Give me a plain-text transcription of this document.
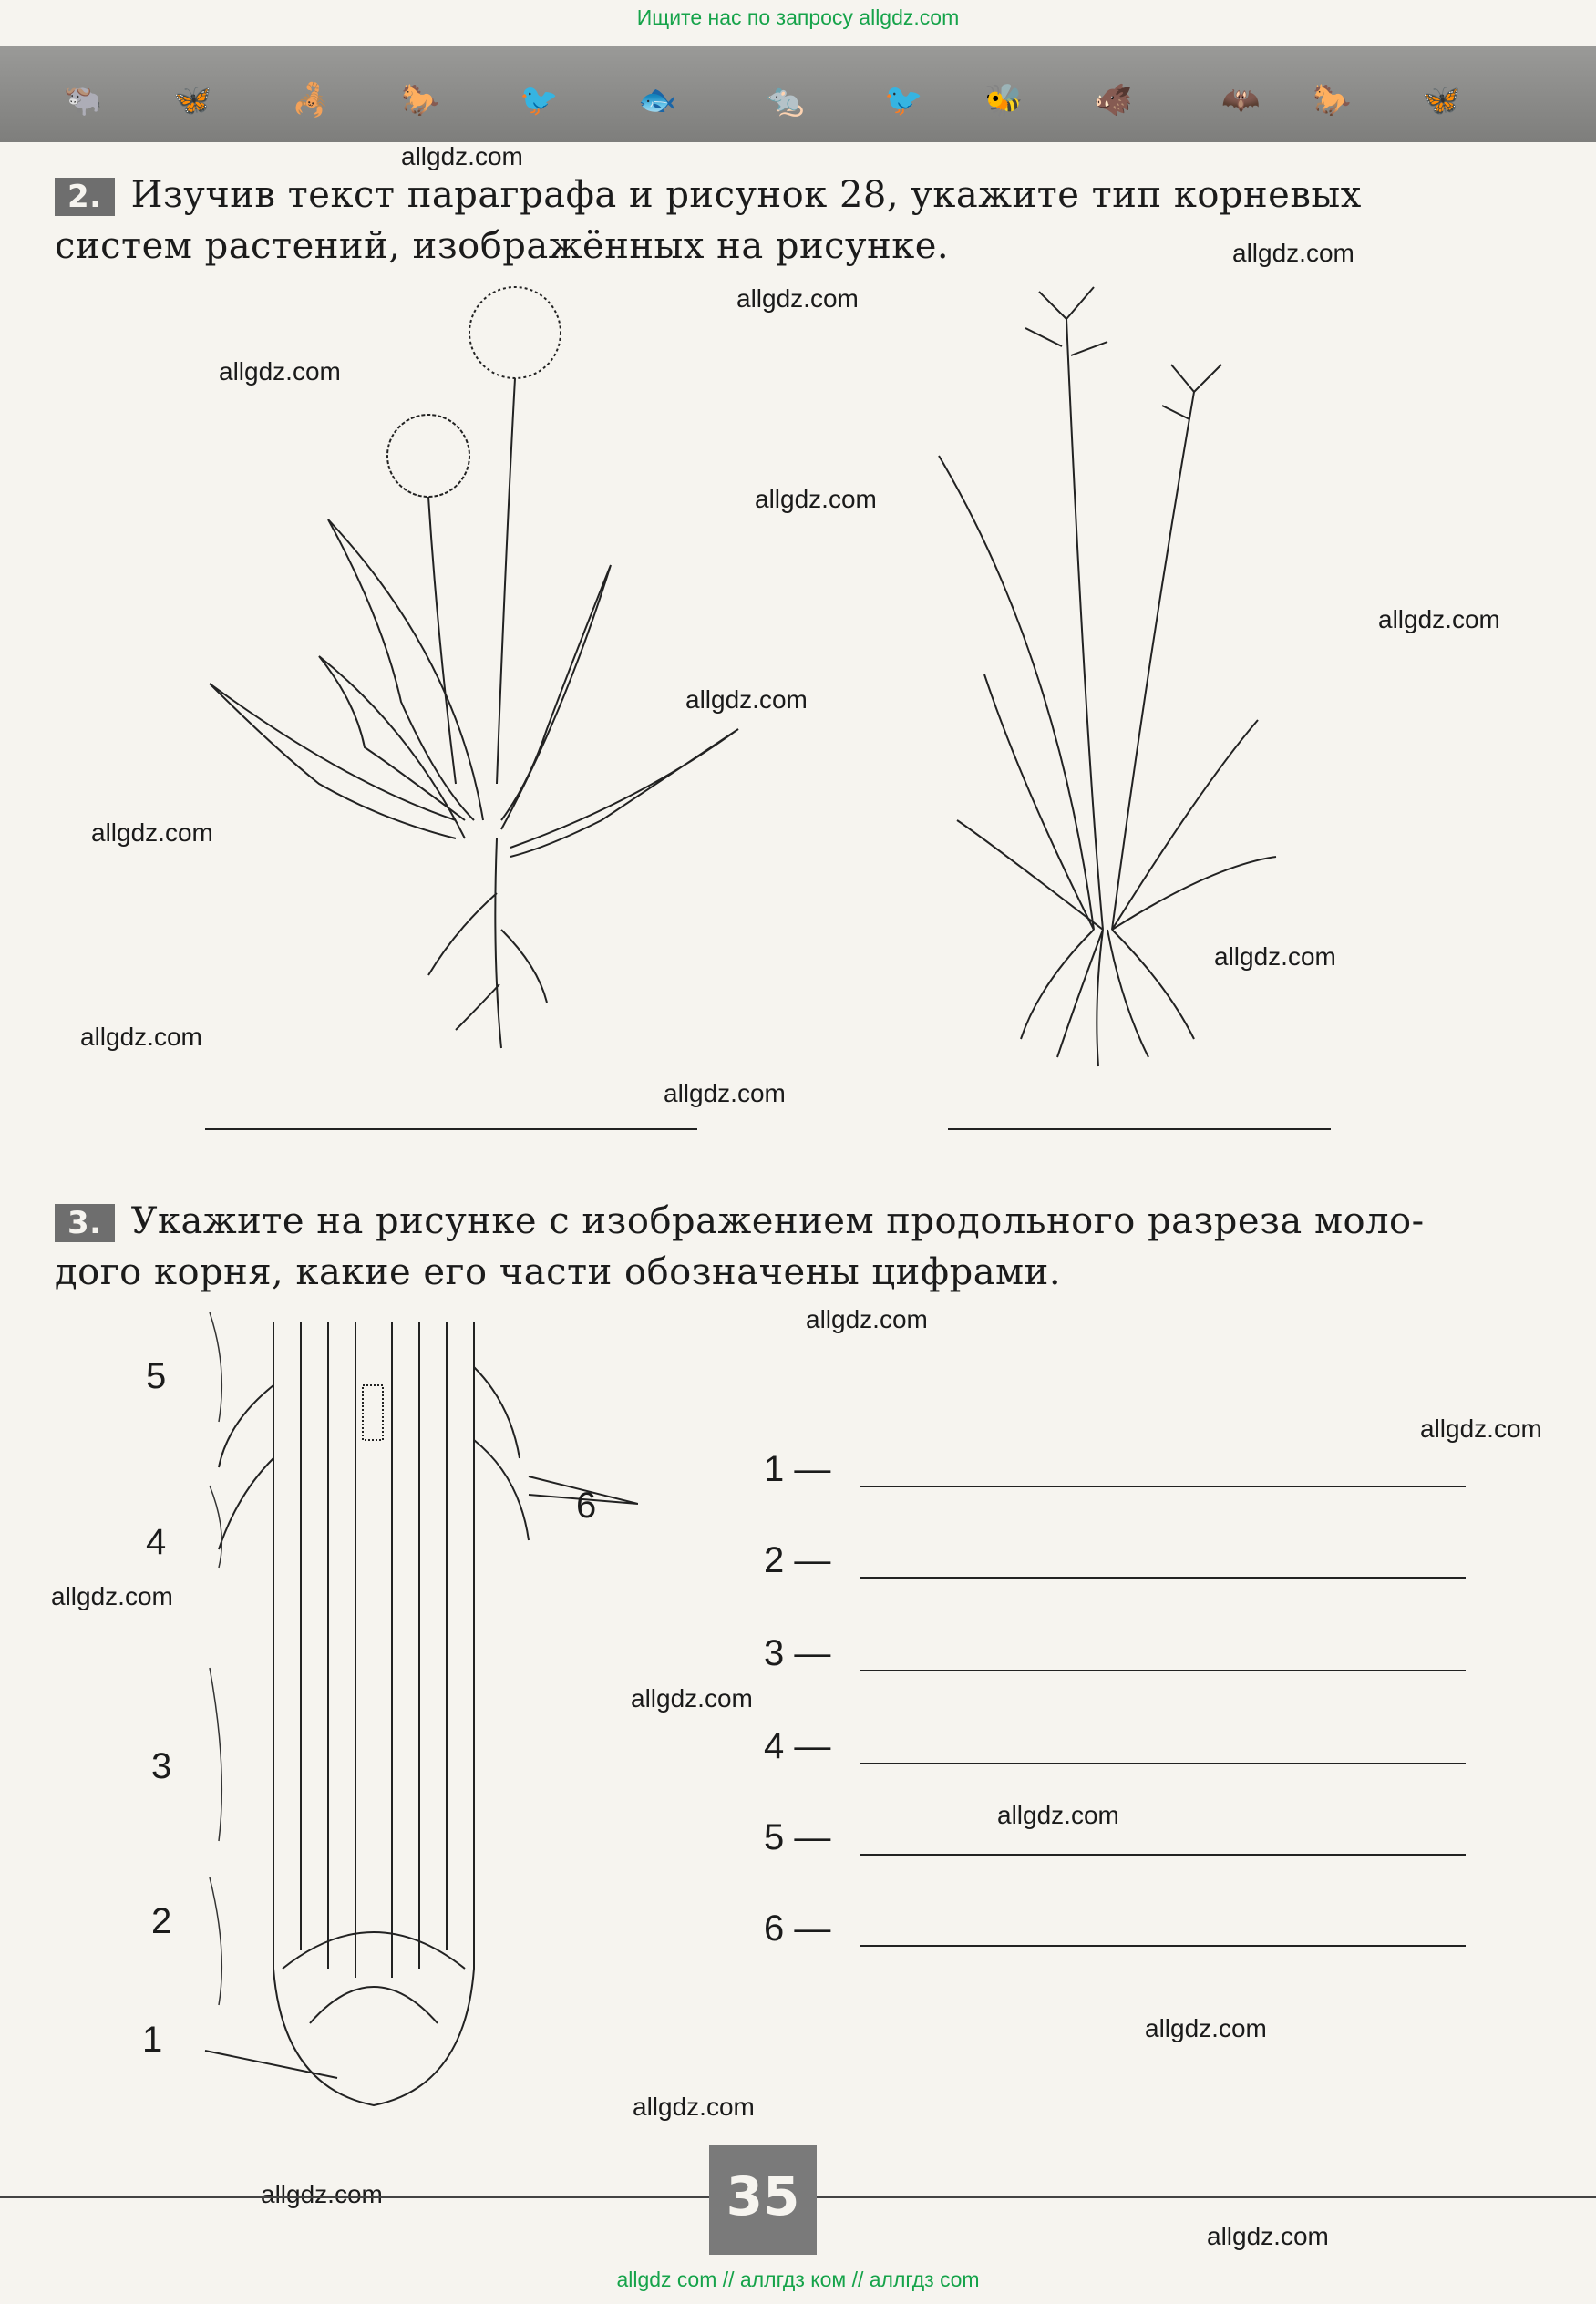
Ищите нас по запросу allgdz.com
🐃 🦋	🦂 🐎	🐦	🐟	🐀	🐦 🐝 🐗	🦇 🐎 🦋
2. Изучив текст параграфа и рисунок 28, укажите тип корневых
систем растений, изображённых на рисунке.
3. Укажите на рисунке с изображением продольного разреза моло-
дого корня, какие его части обозначены цифрами.
5
4
3
2
1
6
1 —
2 —
3 —
4 —
5 —
6 —
allgdz.com
allgdz.com
allgdz.com
allgdz.com
allgdz.com
allgdz.com
allgdz.com
allgdz.com
allgdz.com
allgdz.com
allgdz.com
allgdz.com
allgdz.com
allgdz.com
allgdz.com
allgdz.com
allgdz.com
allgdz.com
allgdz.com
allgdz.com
35
allgdz com // аллгдз ком // аллгдз com
